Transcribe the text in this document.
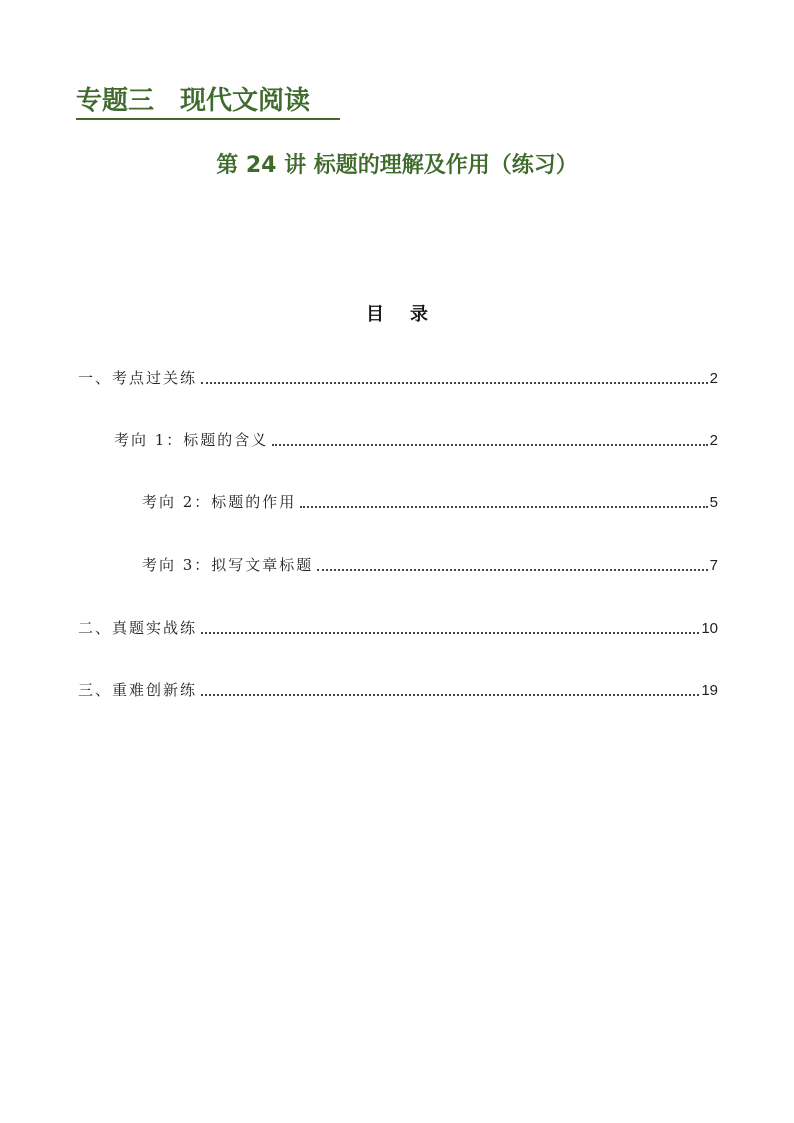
专题三　现代文阅读
第 24 讲 标题的理解及作用（练习）
目录
一、考点过关练	2
考向 1：标题的含义	2
考向 2：标题的作用	5
考向 3：拟写文章标题	7
二、真题实战练	10
三、重难创新练	19
